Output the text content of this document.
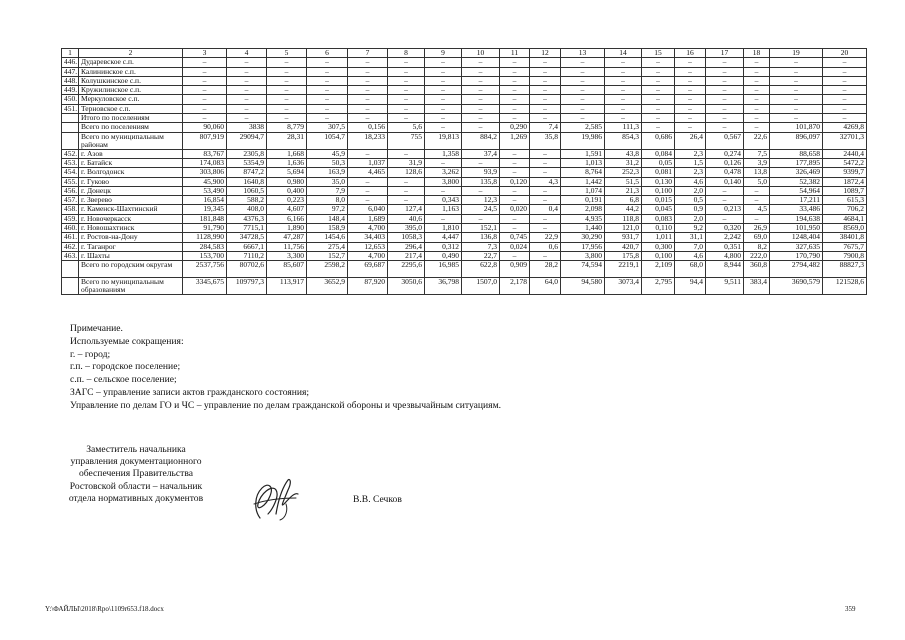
1	2	3	4	5	6	7	8	9	10	11	12	13	14	15	16	17	18	19	20
446.	Дударевское с.п.	–	–	–	–	–	–	–	–	–	–	–	–	–	–	–	–	–	–
447.	Калининское с.п.	–	–	–	–	–	–	–	–	–	–	–	–	–	–	–	–	–	–
448.	Колушкинское с.п.	–	–	–	–	–	–	–	–	–	–	–	–	–	–	–	–	–	–
449.	Кружилинское с.п.	–	–	–	–	–	–	–	–	–	–	–	–	–	–	–	–	–	–
450.	Меркуловское с.п.	–	–	–	–	–	–	–	–	–	–	–	–	–	–	–	–	–	–
451.	Терновское с.п.	–	–	–	–	–	–	–	–	–	–	–	–	–	–	–	–	–	–
	Итого по поселениям	–	–	–	–	–	–	–	–	–	–	–	–	–	–	–	–	–	–
	Всего по поселениям	90,060	3838	8,779	307,5	0,156	5,6	–	–	0,290	7,4	2,585	111,3	–	–	–	–	101,870	4269,8
	Всего по муниципальным районам	807,919	29094,7	28,31	1054,7	18,233	755	19,813	884,2	1,269	35,8	19,986	854,3	0,686	26,4	0,567	22,6	896,097	32701,3
452.	г. Азов	83,767	2305,8	1,668	45,9	–	–	1,358	37,4	–	–	1,591	43,8	0,084	2,3	0,274	7,5	88,658	2440,4
453.	г. Батайск	174,083	5354,9	1,636	50,3	1,037	31,9	–	–	–	–	1,013	31,2	0,05	1,5	0,126	3,9	177,895	5472,2
454.	г. Волгодонск	303,806	8747,2	5,694	163,9	4,465	128,6	3,262	93,9	–	–	8,764	252,3	0,081	2,3	0,478	13,8	326,469	9399,7
455.	г. Гуково	45,900	1640,8	0,980	35,0	–	–	3,800	135,8	0,120	4,3	1,442	51,5	0,130	4,6	0,140	5,0	52,382	1872,4
456.	г. Донецк	53,490	1060,5	0,400	7,9	–	–	–	–	–	–	1,074	21,3	0,100	2,0	–	–	54,964	1089,7
457.	г. Зверево	16,854	588,2	0,223	8,0	–	–	0,343	12,3	–	–	0,191	6,8	0,015	0,5	–	–	17,211	615,3
458.	г. Каменск-Шахтинский	19,345	408,0	4,607	97,2	6,040	127,4	1,163	24,5	0,020	0,4	2,098	44,2	0,045	0,9	0,213	4,5	33,486	706,2
459.	г. Новочеркасск	181,848	4376,3	6,166	148,4	1,689	40,6	–	–	–	–	4,935	118,8	0,083	2,0	–	–	194,638	4684,1
460.	г. Новошахтинск	91,790	7715,1	1,890	158,9	4,700	395,0	1,810	152,1	–	–	1,440	121,0	0,110	9,2	0,320	26,9	101,950	8569,0
461.	г. Ростов-на-Дону	1128,990	34728,5	47,287	1454,6	34,403	1058,3	4,447	136,8	0,745	22,9	30,290	931,7	1,011	31,1	2,242	69,0	1248,404	38401,8
462.	г. Таганрог	284,583	6667,1	11,756	275,4	12,653	296,4	0,312	7,3	0,024	0,6	17,956	420,7	0,300	7,0	0,351	8,2	327,635	7675,7
463.	г. Шахты	153,700	7110,2	3,300	152,7	4,700	217,4	0,490	22,7	–	–	3,800	175,8	0,100	4,6	4,800	222,0	170,790	7900,8
	Всего по городским округам	2537,756	80702,6	85,607	2598,2	69,687	2295,6	16,985	622,8	0,909	28,2	74,594	2219,1	2,109	68,0	8,944	360,8	2794,482	88827,3
	Всего по муниципальным образованиям	3345,675	109797,3	113,917	3652,9	87,920	3050,6	36,798	1507,0	2,178	64,0	94,580	3073,4	2,795	94,4	9,511	383,4	3690,579	121528,6

Примечание.

Используемые сокращения:

г. – город;

г.п. – городское поселение;

с.п. – сельское поселение;

ЗАГС – управление записи актов гражданского состояния;

Управление по делам ГО и ЧС – управление по делам гражданской обороны и чрезвычайным ситуациям.

Заместитель начальника

управления документационного

обеспечения Правительства

Ростовской области – начальник

отдела нормативных документов	В.В. Сечков
Y:\ФАЙЛЫ\2018\Rpo\1109r653.f18.docx	359
